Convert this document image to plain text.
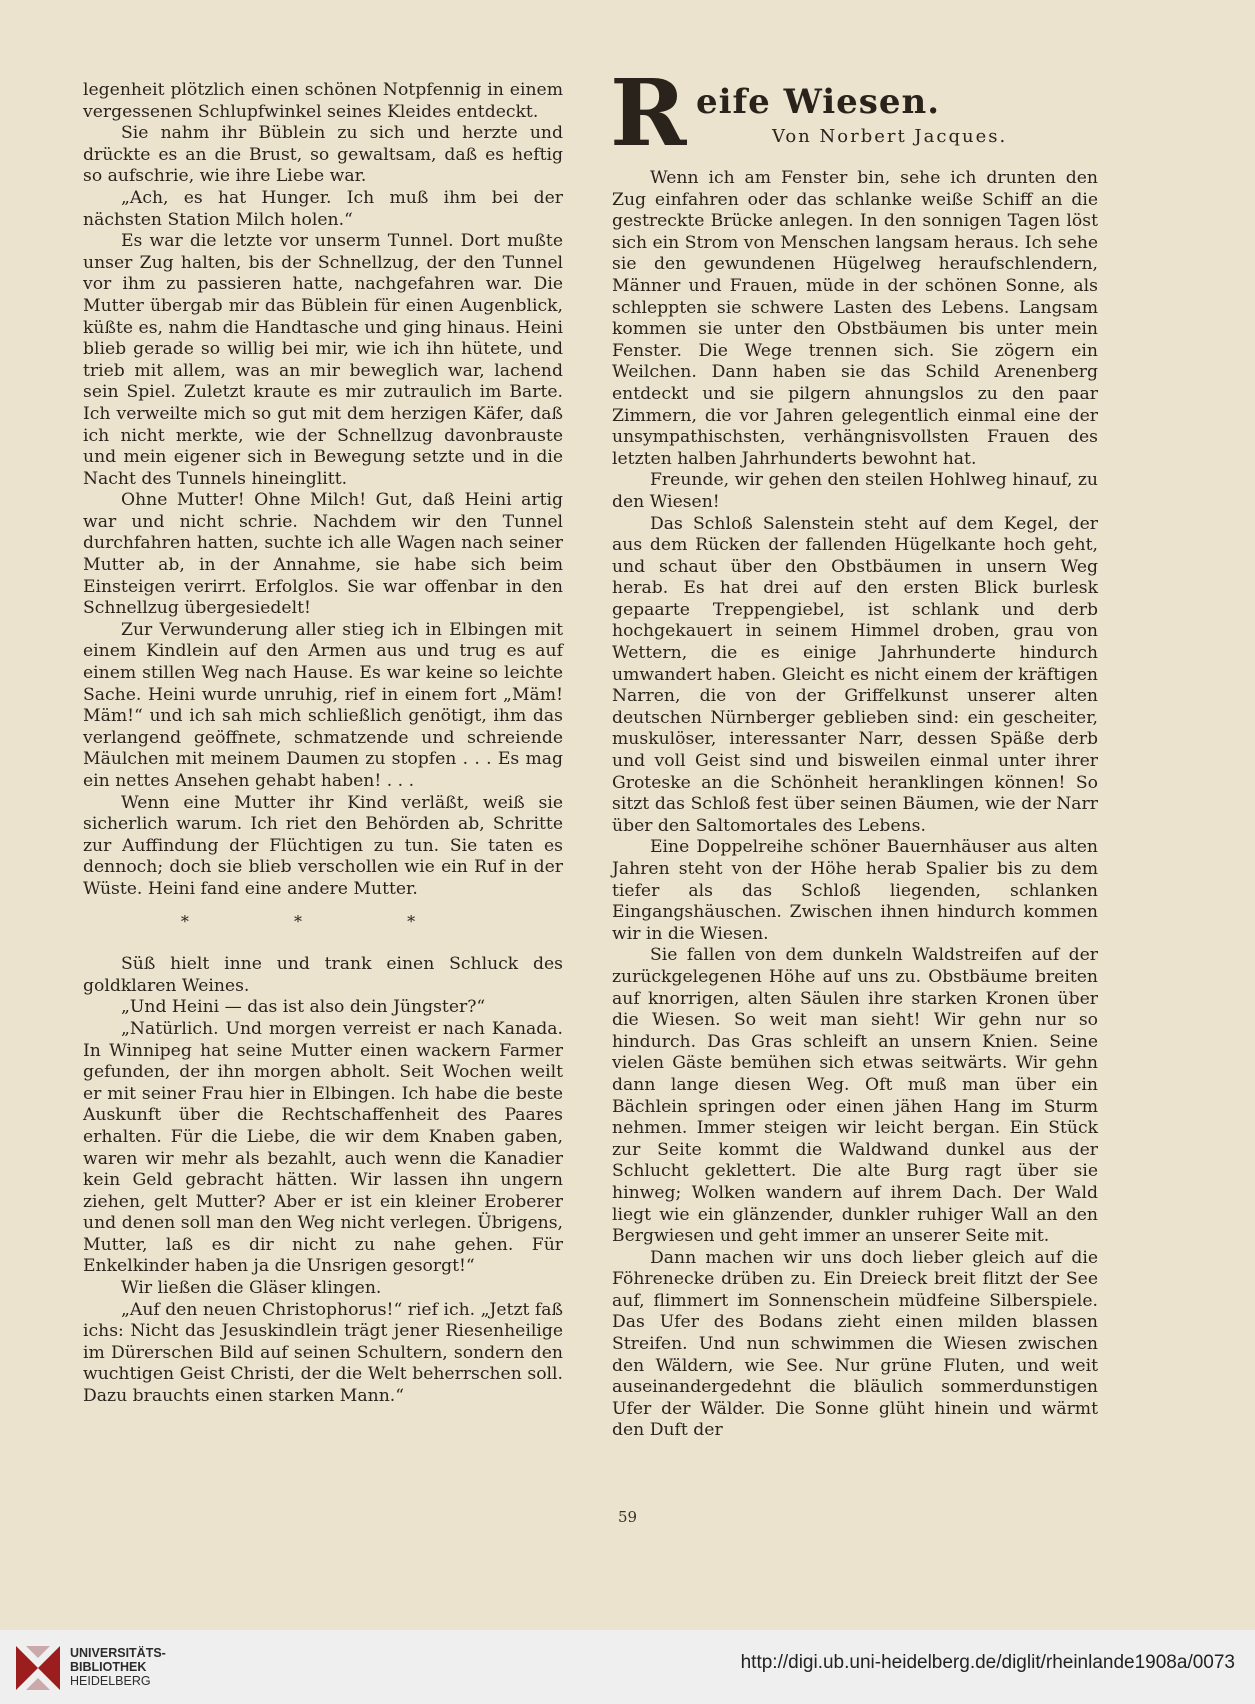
legenheit plötzlich einen schönen Notpfennig in einem vergessenen Schlupfwinkel seines Kleides entdeckt.

Sie nahm ihr Büblein zu sich und herzte und drückte es an die Brust, so gewaltsam, daß es heftig so aufschrie, wie ihre Liebe war.

„Ach, es hat Hunger. Ich muß ihm bei der nächsten Station Milch holen.“

Es war die letzte vor unserm Tunnel. Dort mußte unser Zug halten, bis der Schnellzug, der den Tunnel vor ihm zu passieren hatte, nachgefahren war. Die Mutter übergab mir das Büblein für einen Augenblick, küßte es, nahm die Handtasche und ging hinaus. Heini blieb gerade so willig bei mir, wie ich ihn hütete, und trieb mit allem, was an mir beweglich war, lachend sein Spiel. Zuletzt kraute es mir zutraulich im Barte. Ich verweilte mich so gut mit dem herzigen Käfer, daß ich nicht merkte, wie der Schnellzug davonbrauste und mein eigener sich in Bewegung setzte und in die Nacht des Tunnels hineinglitt.

Ohne Mutter! Ohne Milch! Gut, daß Heini artig war und nicht schrie. Nachdem wir den Tunnel durchfahren hatten, suchte ich alle Wagen nach seiner Mutter ab, in der Annahme, sie habe sich beim Einsteigen verirrt. Erfolglos. Sie war offenbar in den Schnellzug übergesiedelt!

Zur Verwunderung aller stieg ich in Elbingen mit einem Kindlein auf den Armen aus und trug es auf einem stillen Weg nach Hause. Es war keine so leichte Sache. Heini wurde unruhig, rief in einem fort „Mäm! Mäm!“ und ich sah mich schließlich genötigt, ihm das verlangend geöffnete, schmatzende und schreiende Mäulchen mit meinem Daumen zu stopfen . . . Es mag ein nettes Ansehen gehabt haben! . . .

Wenn eine Mutter ihr Kind verläßt, weiß sie sicherlich warum. Ich riet den Behörden ab, Schritte zur Auffindung der Flüchtigen zu tun. Sie taten es dennoch; doch sie blieb verschollen wie ein Ruf in der Wüste. Heini fand eine andere Mutter.

* * *

Süß hielt inne und trank einen Schluck des goldklaren Weines.

„Und Heini — das ist also dein Jüngster?“

„Natürlich. Und morgen verreist er nach Kanada. In Winnipeg hat seine Mutter einen wackern Farmer gefunden, der ihn morgen abholt. Seit Wochen weilt er mit seiner Frau hier in Elbingen. Ich habe die beste Auskunft über die Rechtschaffenheit des Paares erhalten. Für die Liebe, die wir dem Knaben gaben, waren wir mehr als bezahlt, auch wenn die Kanadier kein Geld gebracht hätten. Wir lassen ihn ungern ziehen, gelt Mutter? Aber er ist ein kleiner Eroberer und denen soll man den Weg nicht verlegen. Übrigens, Mutter, laß es dir nicht zu nahe gehen. Für Enkelkinder haben ja die Unsrigen gesorgt!“

Wir ließen die Gläser klingen.

„Auf den neuen Christophorus!“ rief ich. „Jetzt faß ichs: Nicht das Jesuskindlein trägt jener Riesenheilige im Dürerschen Bild auf seinen Schultern, sondern den wuchtigen Geist Christi, der die Welt beherrschen soll. Dazu brauchts einen starken Mann.“

R eife Wiesen.
Von Norbert Jacques.

Wenn ich am Fenster bin, sehe ich drunten den Zug einfahren oder das schlanke weiße Schiff an die gestreckte Brücke anlegen. In den sonnigen Tagen löst sich ein Strom von Menschen langsam heraus. Ich sehe sie den gewundenen Hügelweg heraufschlendern, Männer und Frauen, müde in der schönen Sonne, als schleppten sie schwere Lasten des Lebens. Langsam kommen sie unter den Obstbäumen bis unter mein Fenster. Die Wege trennen sich. Sie zögern ein Weilchen. Dann haben sie das Schild Arenenberg entdeckt und sie pilgern ahnungslos zu den paar Zimmern, die vor Jahren gelegentlich einmal eine der unsympathischsten, verhängnisvollsten Frauen des letzten halben Jahrhunderts bewohnt hat.

Freunde, wir gehen den steilen Hohlweg hinauf, zu den Wiesen!

Das Schloß Salenstein steht auf dem Kegel, der aus dem Rücken der fallenden Hügelkante hoch geht, und schaut über den Obstbäumen in unsern Weg herab. Es hat drei auf den ersten Blick burlesk gepaarte Treppengiebel, ist schlank und derb hochgekauert in seinem Himmel droben, grau von Wettern, die es einige Jahrhunderte hindurch umwandert haben. Gleicht es nicht einem der kräftigen Narren, die von der Griffelkunst unserer alten deutschen Nürnberger geblieben sind: ein gescheiter, muskulöser, interessanter Narr, dessen Späße derb und voll Geist sind und bisweilen einmal unter ihrer Groteske an die Schönheit heranklingen können! So sitzt das Schloß fest über seinen Bäumen, wie der Narr über den Saltomortales des Lebens.

Eine Doppelreihe schöner Bauernhäuser aus alten Jahren steht von der Höhe herab Spalier bis zu dem tiefer als das Schloß liegenden, schlanken Eingangshäuschen. Zwischen ihnen hindurch kommen wir in die Wiesen.

Sie fallen von dem dunkeln Waldstreifen auf der zurückgelegenen Höhe auf uns zu. Obstbäume breiten auf knorrigen, alten Säulen ihre starken Kronen über die Wiesen. So weit man sieht! Wir gehn nur so hindurch. Das Gras schleift an unsern Knien. Seine vielen Gäste bemühen sich etwas seitwärts. Wir gehn dann lange diesen Weg. Oft muß man über ein Bächlein springen oder einen jähen Hang im Sturm nehmen. Immer steigen wir leicht bergan. Ein Stück zur Seite kommt die Waldwand dunkel aus der Schlucht geklettert. Die alte Burg ragt über sie hinweg; Wolken wandern auf ihrem Dach. Der Wald liegt wie ein glänzender, dunkler ruhiger Wall an den Bergwiesen und geht immer an unserer Seite mit.

Dann machen wir uns doch lieber gleich auf die Föhrenecke drüben zu. Ein Dreieck breit flitzt der See auf, flimmert im Sonnenschein müdfeine Silberspiele. Das Ufer des Bodans zieht einen milden blassen Streifen. Und nun schwimmen die Wiesen zwischen den Wäldern, wie See. Nur grüne Fluten, und weit auseinandergedehnt die bläulich sommerdunstigen Ufer der Wälder. Die Sonne glüht hinein und wärmt den Duft der

59
UNIVERSITÄTS-
BIBLIOTHEK
HEIDELBERG
http://digi.ub.uni-heidelberg.de/diglit/rheinlande1908a/0073
